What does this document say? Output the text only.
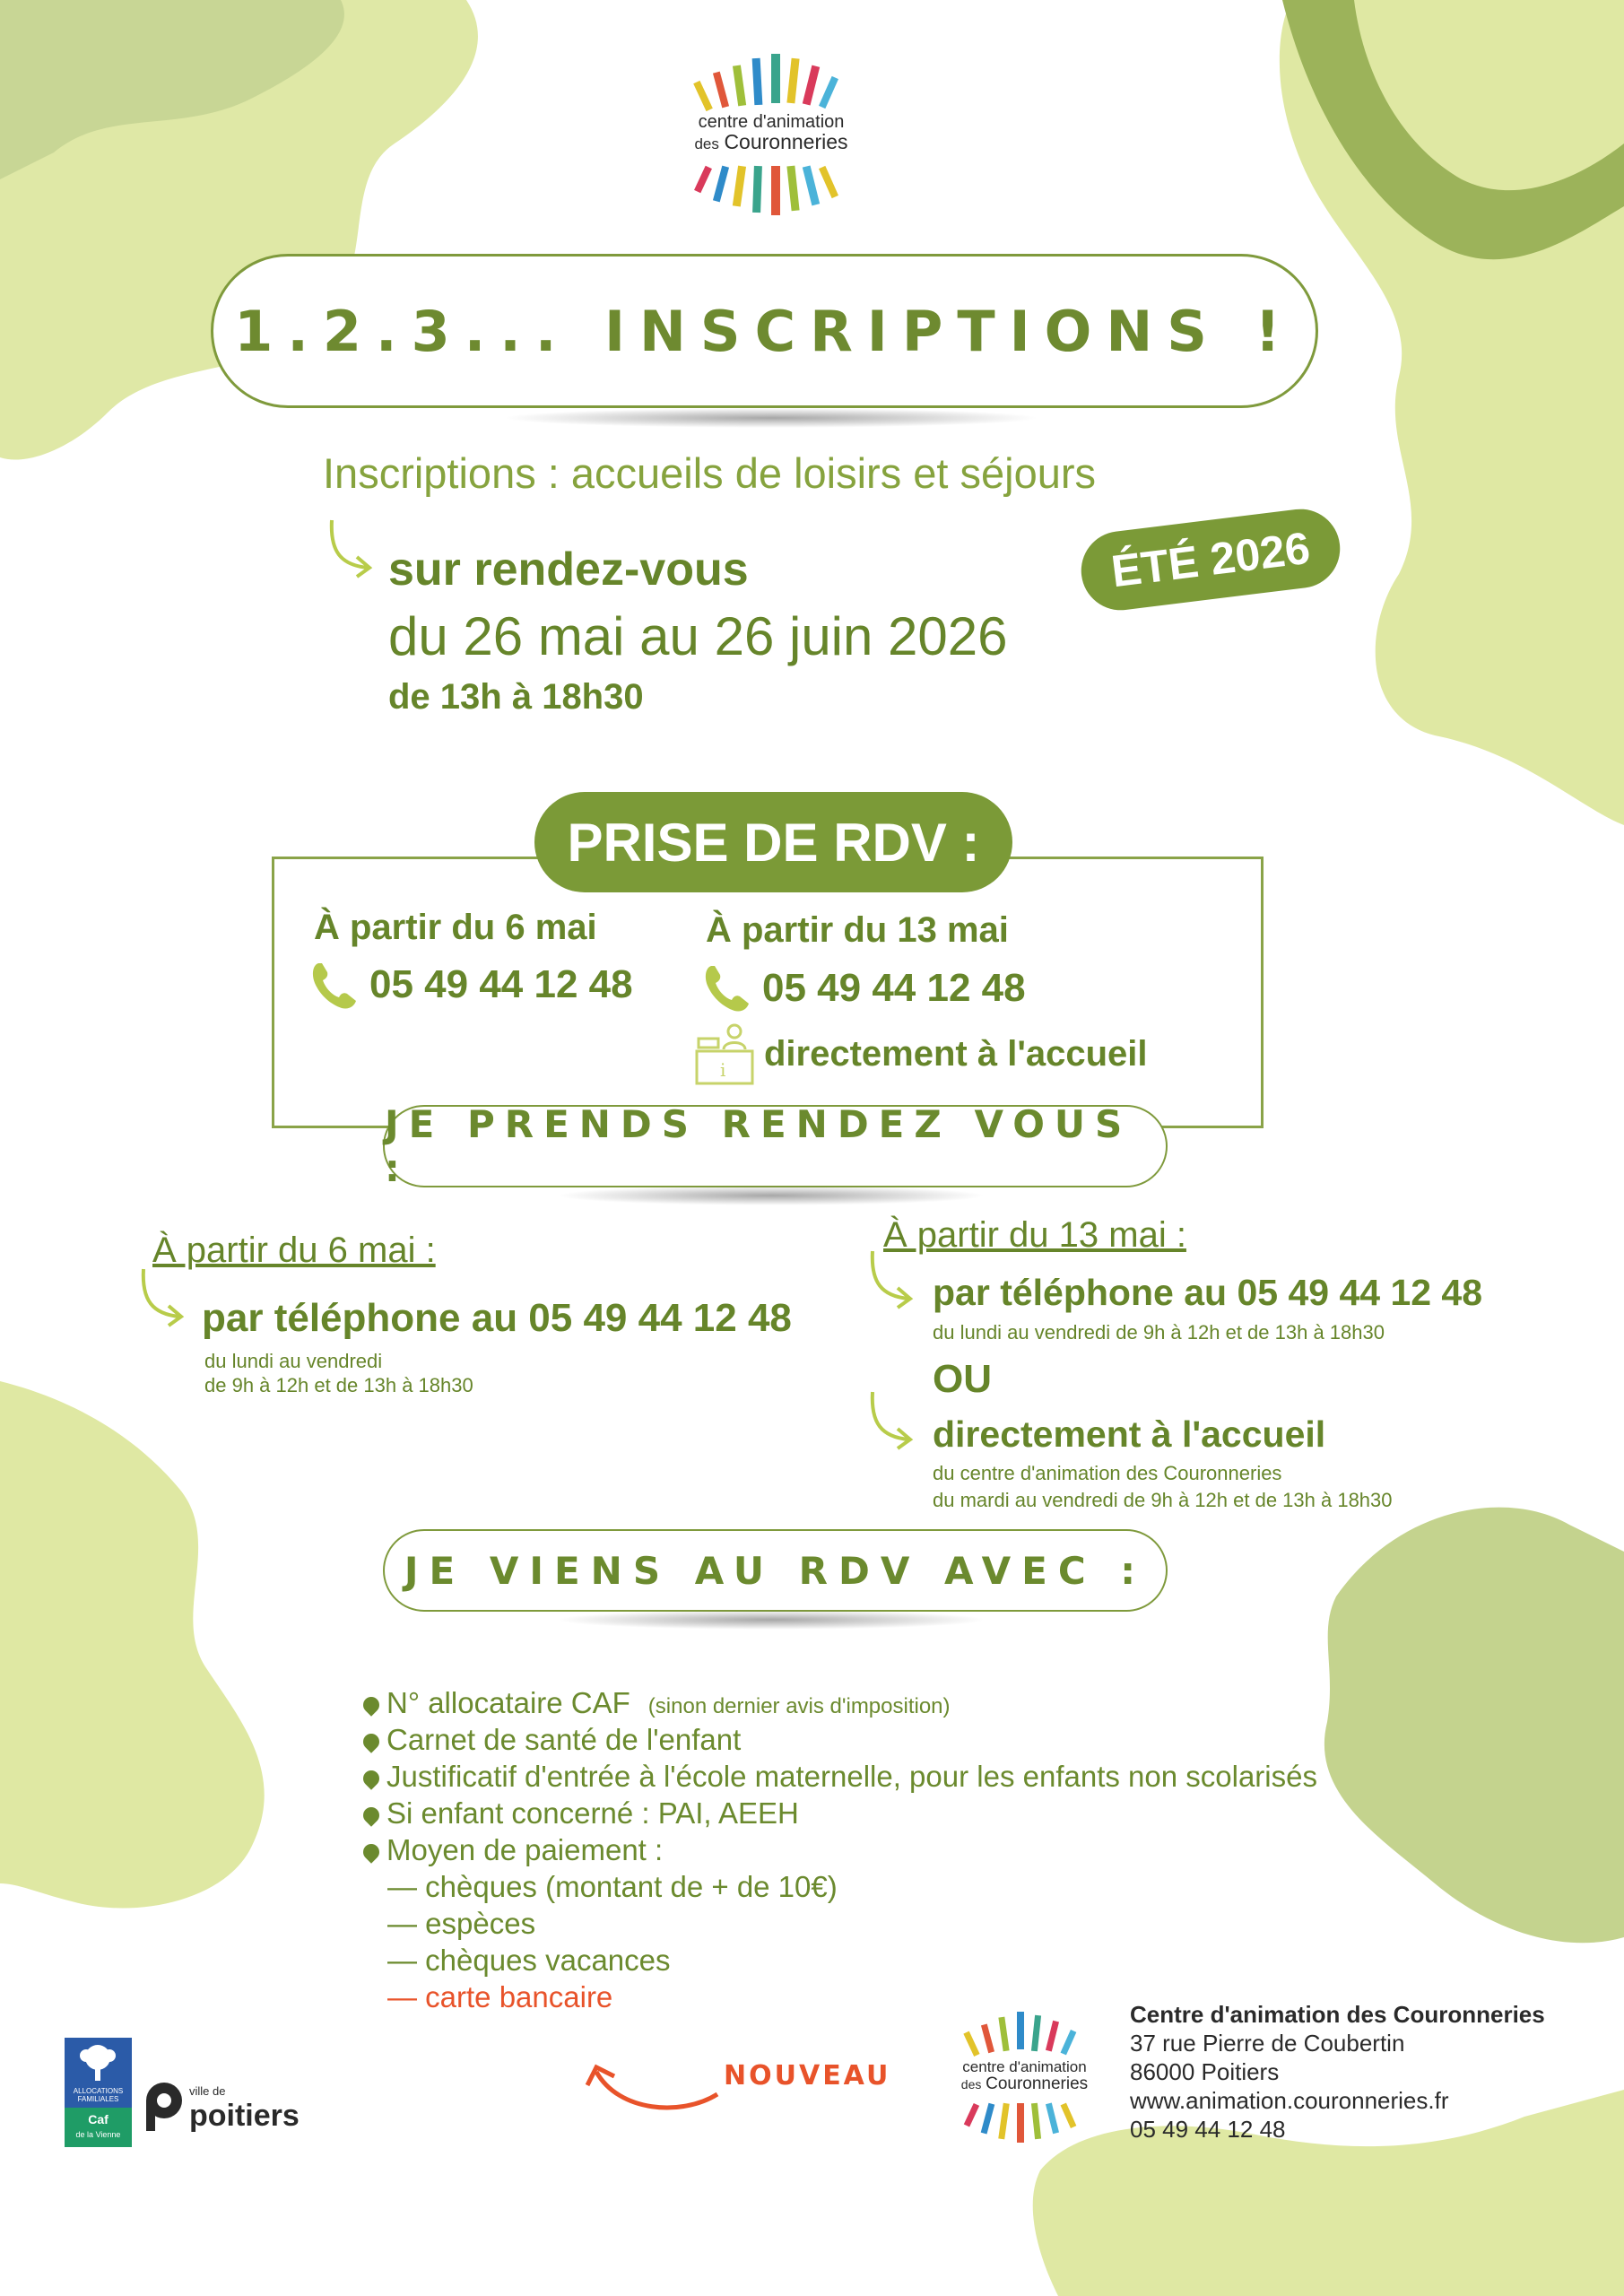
centre d'animation
des Couronneries
1.2.3... INSCRIPTIONS !
Inscriptions : accueils de loisirs et séjours
sur rendez-vous
du 26 mai au 26 juin 2026
de 13h à 18h30
ÉTÉ 2026
PRISE DE RDV :
À partir du 6 mai
05 49 44 12 48
À partir du 13 mai
05 49 44 12 48
i directement à l'accueil
JE PRENDS RENDEZ VOUS :
À partir du 6 mai :
par téléphone au 05 49 44 12 48
du lundi au vendredi
de 9h à 12h et de 13h à 18h30
À partir du 13 mai :
par téléphone au 05 49 44 12 48
du lundi au vendredi de 9h à 12h et de 13h à 18h30
OU
directement à l'accueil
du centre d'animation des Couronneries
du mardi au vendredi de 9h à 12h et de 13h à 18h30
JE VIENS AU RDV AVEC :
N° allocataire CAF (sinon dernier avis d'imposition)
Carnet de santé de l'enfant
Justificatif d'entrée à l'école maternelle, pour les enfants non scolarisés
Si enfant concerné : PAI, AEEH
Moyen de paiement :
— chèques (montant de + de 10€)
— espèces
— chèques vacances
— carte bancaire
NOUVEAU
ALLOCATIONS FAMILIALES
Caf
de la Vienne
ville de
poitiers
centre d'animation
des Couronneries
Centre d'animation des Couronneries
37 rue Pierre de Coubertin
86000 Poitiers
www.animation.couronneries.fr
05 49 44 12 48
